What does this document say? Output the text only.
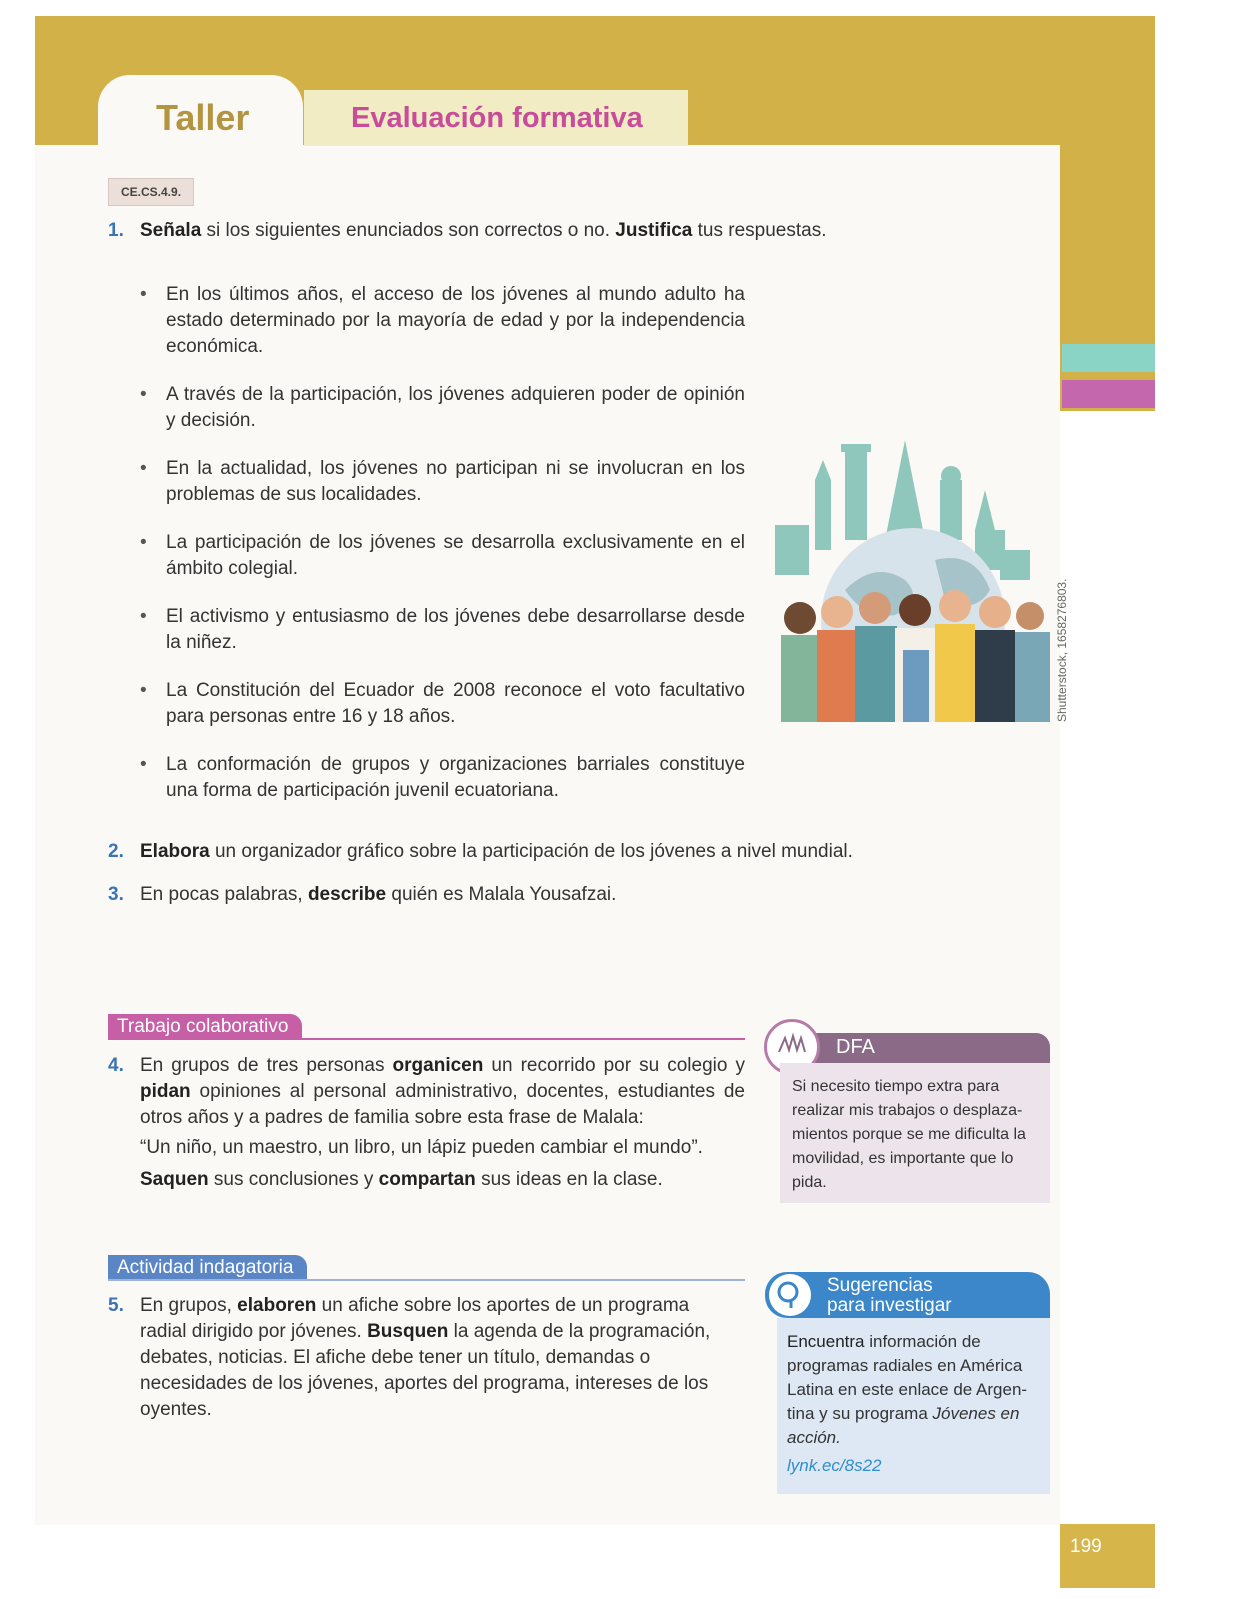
Taller	Evaluación formativa
CE.CS.4.9.
1. Señala si los siguientes enunciados son correctos o no. Justifica tus respuestas.
• En los últimos años, el acceso de los jóvenes al mundo adulto ha estado determinado por la mayoría de edad y por la independencia económica.
• A través de la participación, los jóvenes adquieren poder de opinión y decisión.
• En la actualidad, los jóvenes no participan ni se involucran en los problemas de sus localidades.
• La participación de los jóvenes se desarrolla exclusivamente en el ámbito colegial.
• El activismo y entusiasmo de los jóvenes debe desarrollarse desde la niñez.
• La Constitución del Ecuador de 2008 reconoce el voto facultativo para personas entre 16 y 18 años.
• La conformación de grupos y organizaciones barriales constituye una forma de participación juvenil ecuatoriana.
Shutterstock, 1658276803.
2. Elabora un organizador gráfico sobre la participación de los jóvenes a nivel mundial.
3. En pocas palabras, describe quién es Malala Yousafzai.
Trabajo colaborativo
4. En grupos de tres personas organicen un recorrido por su colegio y pidan opiniones al personal administrativo, docentes, estudiantes de otros años y a padres de familia sobre esta frase de Malala:
“Un niño, un maestro, un libro, un lápiz pueden cambiar el mundo”.
Saquen sus conclusiones y compartan sus ideas en la clase.
DFA
Si necesito tiempo extra para realizar mis trabajos o desplaza-mientos porque se me dificulta la movilidad, es importante que lo pida.
Actividad indagatoria
5. En grupos, elaboren un afiche sobre los aportes de un programa radial dirigido por jóvenes. Busquen la agenda de la programación, debates, noticias. El afiche debe tener un título, demandas o necesidades de los jóvenes, aportes del programa, intereses de los oyentes.
Sugerencias
para investigar
Encuentra información de programas radiales en América Latina en este enlace de Argen-tina y su programa Jóvenes en acción.
lynk.ec/8s22
199
